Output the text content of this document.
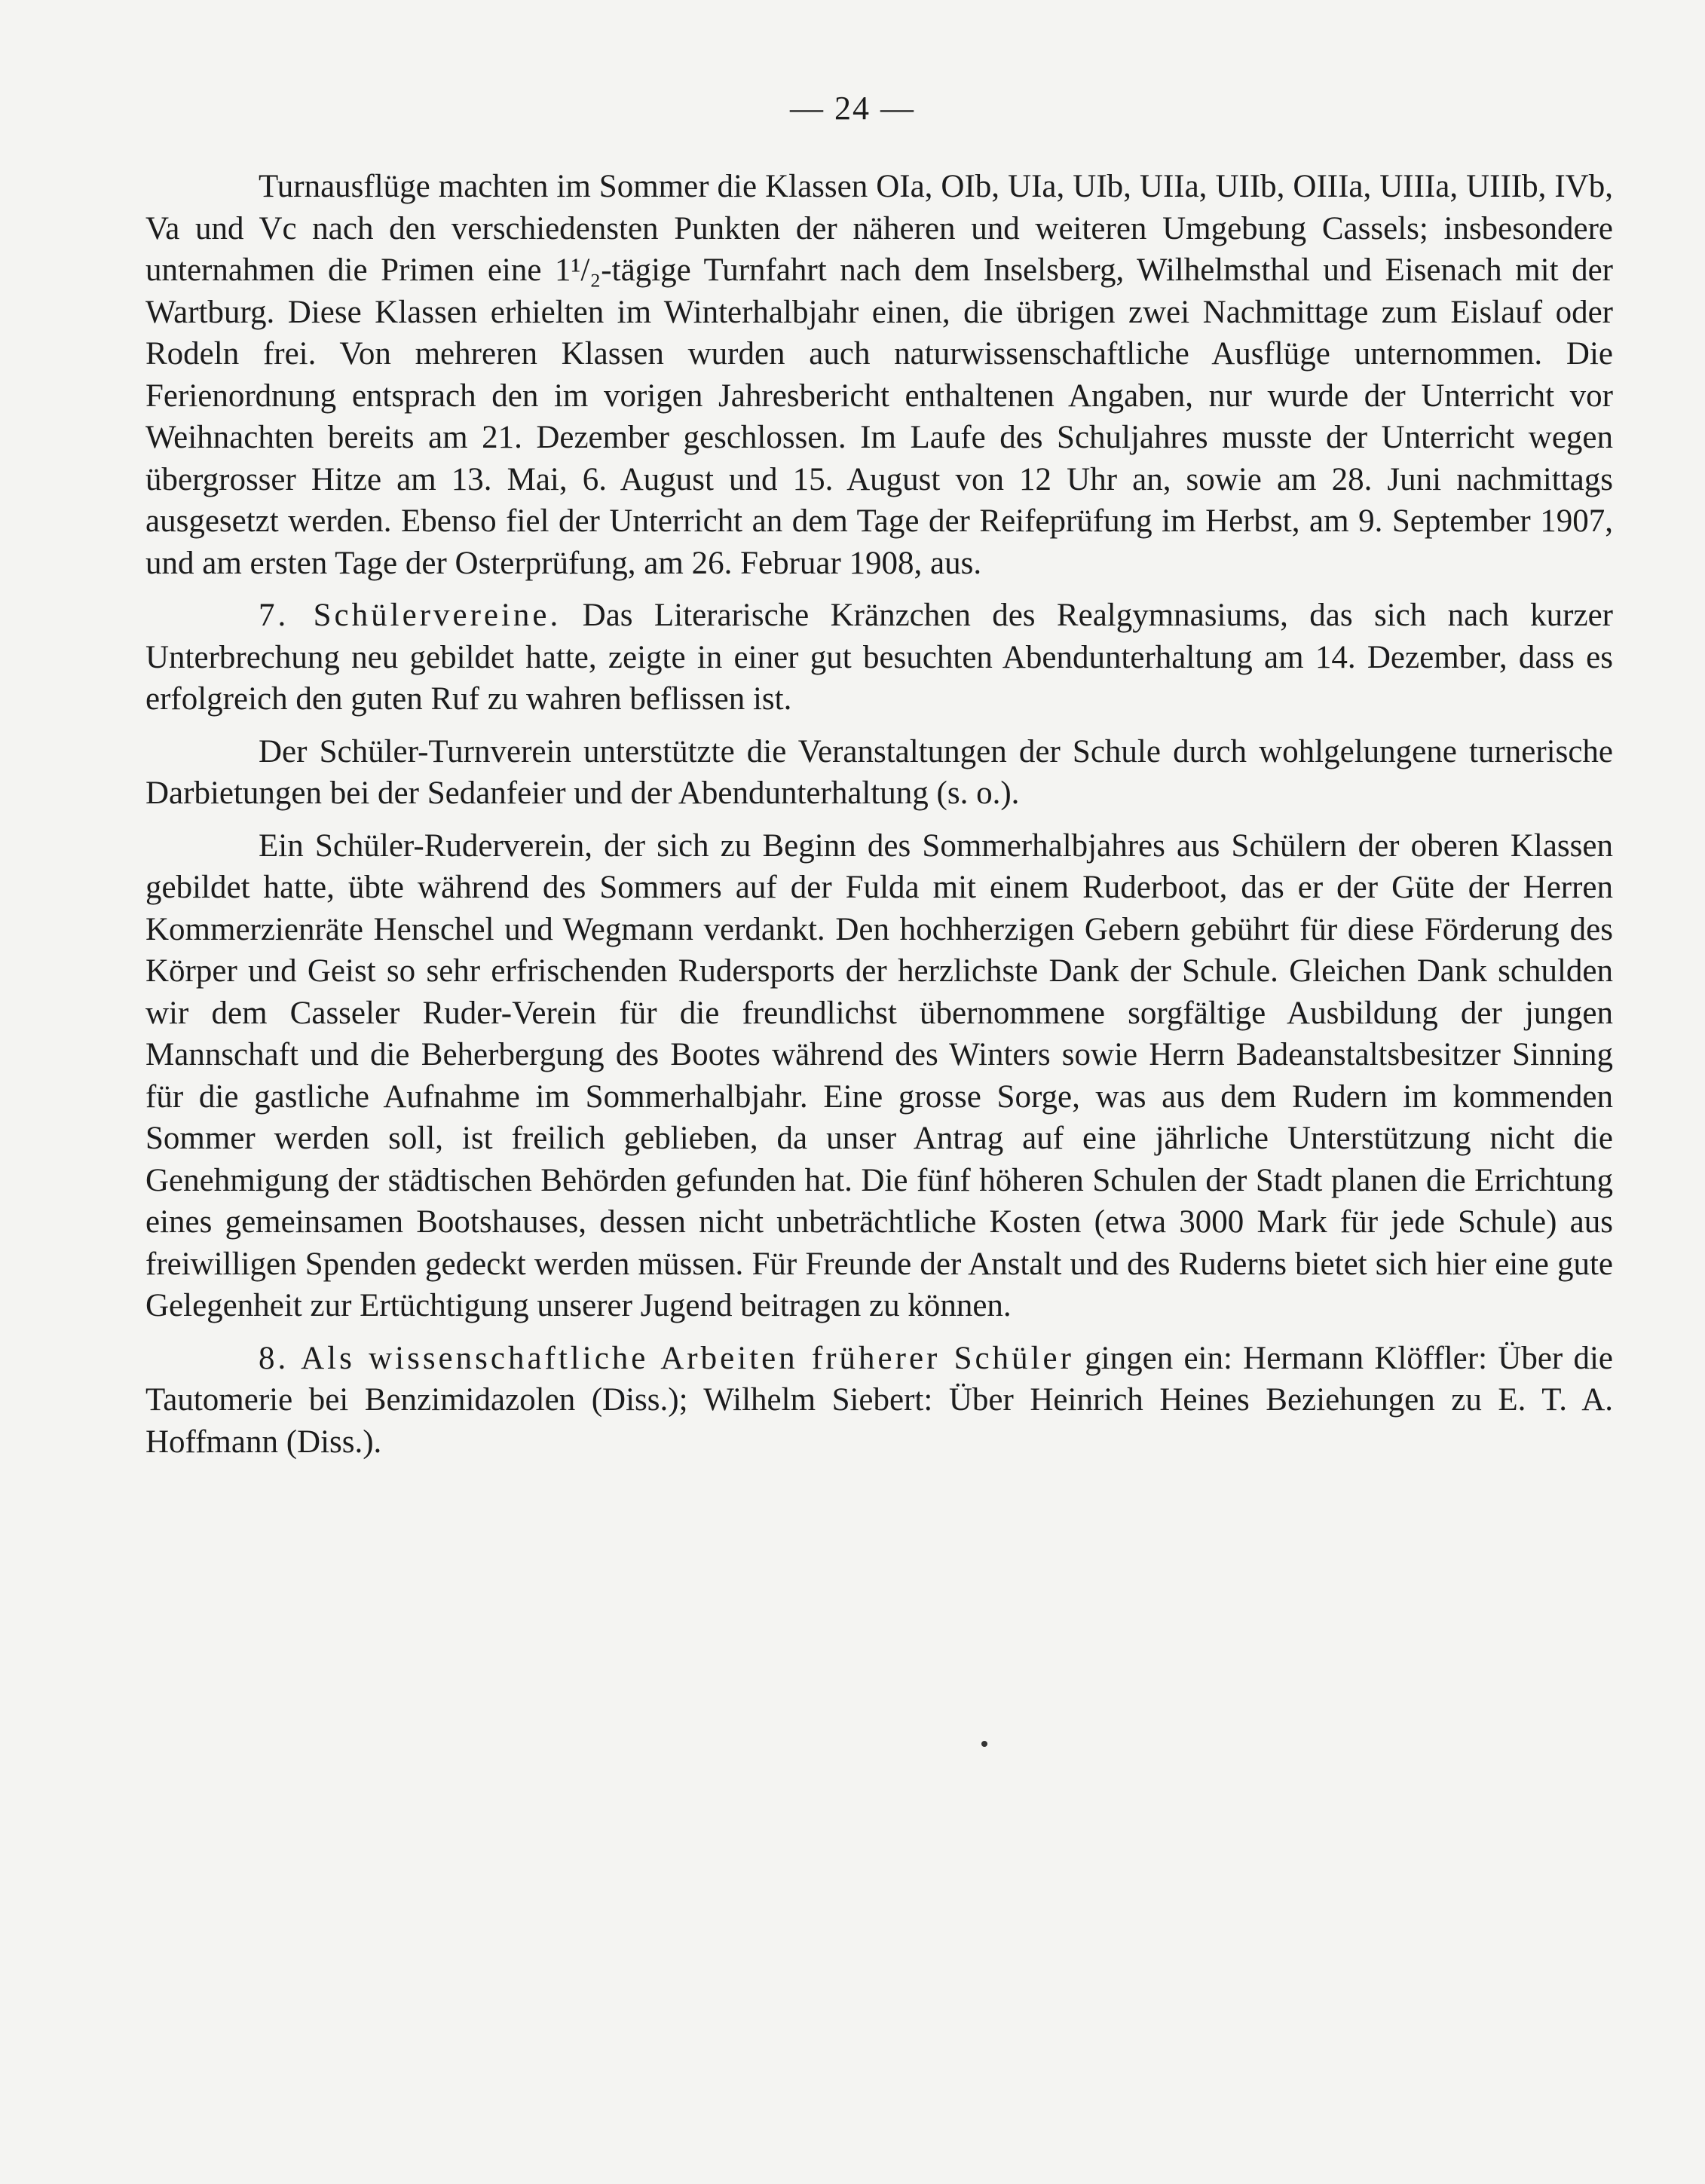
— 24 —

Turnausflüge machten im Sommer die Klassen OIa, OIb, UIa, UIb, UIIa, UIIb, OIIIa, UIIIa, UIIIb, IVb, Va und Vc nach den verschiedensten Punkten der näheren und weiteren Umgebung Cassels; insbesondere unternahmen die Primen eine 1¹/₂-tägige Turnfahrt nach dem Inselsberg, Wilhelmsthal und Eisenach mit der Wartburg. Diese Klassen erhielten im Winterhalbjahr einen, die übrigen zwei Nachmittage zum Eislauf oder Rodeln frei. Von mehreren Klassen wurden auch naturwissenschaftliche Ausflüge unternommen. Die Ferienordnung entsprach den im vorigen Jahresbericht enthaltenen Angaben, nur wurde der Unterricht vor Weihnachten bereits am 21. Dezember geschlossen. Im Laufe des Schuljahres musste der Unterricht wegen übergrosser Hitze am 13. Mai, 6. August und 15. August von 12 Uhr an, sowie am 28. Juni nachmittags ausgesetzt werden. Ebenso fiel der Unterricht an dem Tage der Reifeprüfung im Herbst, am 9. September 1907, und am ersten Tage der Osterprüfung, am 26. Februar 1908, aus.

7. Schülervereine. Das Literarische Kränzchen des Realgymnasiums, das sich nach kurzer Unterbrechung neu gebildet hatte, zeigte in einer gut besuchten Abendunterhaltung am 14. Dezember, dass es erfolgreich den guten Ruf zu wahren beflissen ist.

Der Schüler-Turnverein unterstützte die Veranstaltungen der Schule durch wohlgelungene turnerische Darbietungen bei der Sedanfeier und der Abendunterhaltung (s. o.).

Ein Schüler-Ruderverein, der sich zu Beginn des Sommerhalbjahres aus Schülern der oberen Klassen gebildet hatte, übte während des Sommers auf der Fulda mit einem Ruderboot, das er der Güte der Herren Kommerzienräte Henschel und Wegmann verdankt. Den hochherzigen Gebern gebührt für diese Förderung des Körper und Geist so sehr erfrischenden Rudersports der herzlichste Dank der Schule. Gleichen Dank schulden wir dem Casseler Ruder-Verein für die freundlichst übernommene sorgfältige Ausbildung der jungen Mannschaft und die Beherbergung des Bootes während des Winters sowie Herrn Badeanstaltsbesitzer Sinning für die gastliche Aufnahme im Sommerhalbjahr. Eine grosse Sorge, was aus dem Rudern im kommenden Sommer werden soll, ist freilich geblieben, da unser Antrag auf eine jährliche Unterstützung nicht die Genehmigung der städtischen Behörden gefunden hat. Die fünf höheren Schulen der Stadt planen die Errichtung eines gemeinsamen Bootshauses, dessen nicht unbeträchtliche Kosten (etwa 3000 Mark für jede Schule) aus freiwilligen Spenden gedeckt werden müssen. Für Freunde der Anstalt und des Ruderns bietet sich hier eine gute Gelegenheit zur Ertüchtigung unserer Jugend beitragen zu können.

8. Als wissenschaftliche Arbeiten früherer Schüler gingen ein: Hermann Klöffler: Über die Tautomerie bei Benzimidazolen (Diss.); Wilhelm Siebert: Über Heinrich Heines Beziehungen zu E. T. A. Hoffmann (Diss.).
